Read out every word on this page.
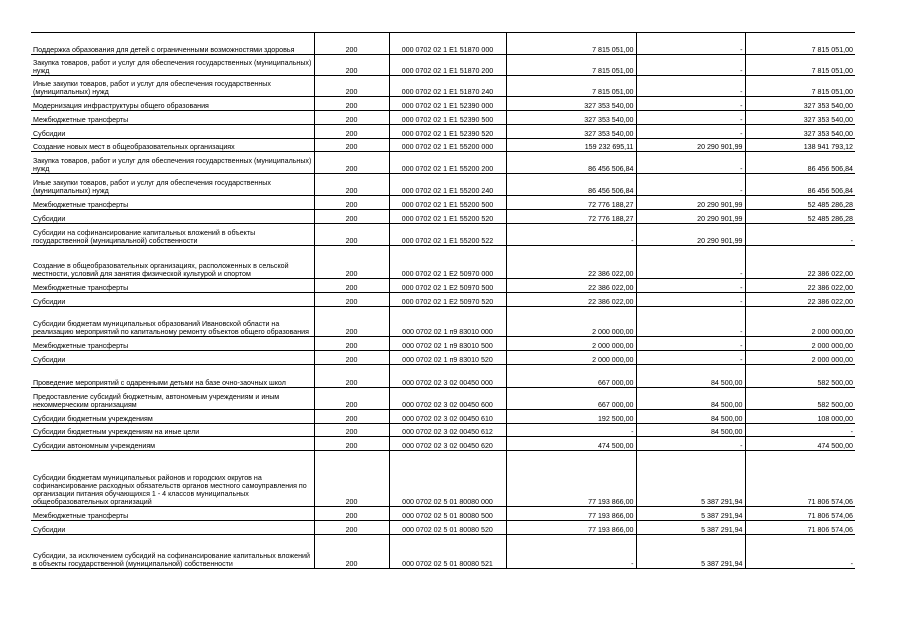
Поддержка образования для детей с ограниченными возможностями здоровья	200	000 0702 02 1 E1 51870 000	7 815 051,00	-	7 815 051,00
Закупка товаров, работ и услуг для обеспечения государственных (муниципальных) нужд	200	000 0702 02 1 E1 51870 200	7 815 051,00	-	7 815 051,00
Иные закупки товаров, работ и услуг для обеспечения государственных (муниципальных) нужд	200	000 0702 02 1 E1 51870 240	7 815 051,00	-	7 815 051,00
Модернизация инфраструктуры общего образования	200	000 0702 02 1 E1 52390 000	327 353 540,00	-	327 353 540,00
Межбюджетные трансферты	200	000 0702 02 1 E1 52390 500	327 353 540,00	-	327 353 540,00
Субсидии	200	000 0702 02 1 E1 52390 520	327 353 540,00	-	327 353 540,00
Создание новых мест в общеобразовательных организациях	200	000 0702 02 1 E1 55200 000	159 232 695,11	20 290 901,99	138 941 793,12
Закупка товаров, работ и услуг для обеспечения государственных (муниципальных) нужд	200	000 0702 02 1 E1 55200 200	86 456 506,84	-	86 456 506,84
Иные закупки товаров, работ и услуг для обеспечения государственных (муниципальных) нужд	200	000 0702 02 1 E1 55200 240	86 456 506,84	-	86 456 506,84
Межбюджетные трансферты	200	000 0702 02 1 E1 55200 500	72 776 188,27	20 290 901,99	52 485 286,28
Субсидии	200	000 0702 02 1 E1 55200 520	72 776 188,27	20 290 901,99	52 485 286,28
Субсидии на софинансирование капитальных вложений в объекты государственной (муниципальной) собственности	200	000 0702 02 1 E1 55200 522	-	20 290 901,99	-
Создание в общеобразовательных организациях, расположенных в сельской местности, условий для занятия физической культурой и спортом	200	000 0702 02 1 E2 50970 000	22 386 022,00	-	22 386 022,00
Межбюджетные трансферты	200	000 0702 02 1 E2 50970 500	22 386 022,00	-	22 386 022,00
Субсидии	200	000 0702 02 1 E2 50970 520	22 386 022,00	-	22 386 022,00
Субсидии бюджетам муниципальных образований Ивановской области на реализацию мероприятий по капитальному ремонту объектов общего образования	200	000 0702 02 1 п9 83010 000	2 000 000,00	-	2 000 000,00
Межбюджетные трансферты	200	000 0702 02 1 п9 83010 500	2 000 000,00	-	2 000 000,00
Субсидии	200	000 0702 02 1 п9 83010 520	2 000 000,00	-	2 000 000,00
Проведение мероприятий с одаренными детьми на базе очно-заочных школ	200	000 0702 02 3 02 00450 000	667 000,00	84 500,00	582 500,00
Предоставление субсидий бюджетным, автономным учреждениям и иным некоммерческим организациям	200	000 0702 02 3 02 00450 600	667 000,00	84 500,00	582 500,00
Субсидии бюджетным учреждениям	200	000 0702 02 3 02 00450 610	192 500,00	84 500,00	108 000,00
Субсидии бюджетным учреждениям на иные цели	200	000 0702 02 3 02 00450 612	-	84 500,00	-
Субсидии автономным учреждениям	200	000 0702 02 3 02 00450 620	474 500,00	-	474 500,00
Субсидии бюджетам муниципальных районов и городских округов на софинансирование расходных обязательств органов местного самоуправления по организации питания обучающихся 1 - 4 классов муниципальных общеобразовательных организаций	200	000 0702 02 5 01 80080 000	77 193 866,00	5 387 291,94	71 806 574,06
Межбюджетные трансферты	200	000 0702 02 5 01 80080 500	77 193 866,00	5 387 291,94	71 806 574,06
Субсидии	200	000 0702 02 5 01 80080 520	77 193 866,00	5 387 291,94	71 806 574,06
Субсидии, за исключением субсидий на софинансирование капитальных вложений в объекты государственной (муниципальной) собственности	200	000 0702 02 5 01 80080 521	-	5 387 291,94	-
